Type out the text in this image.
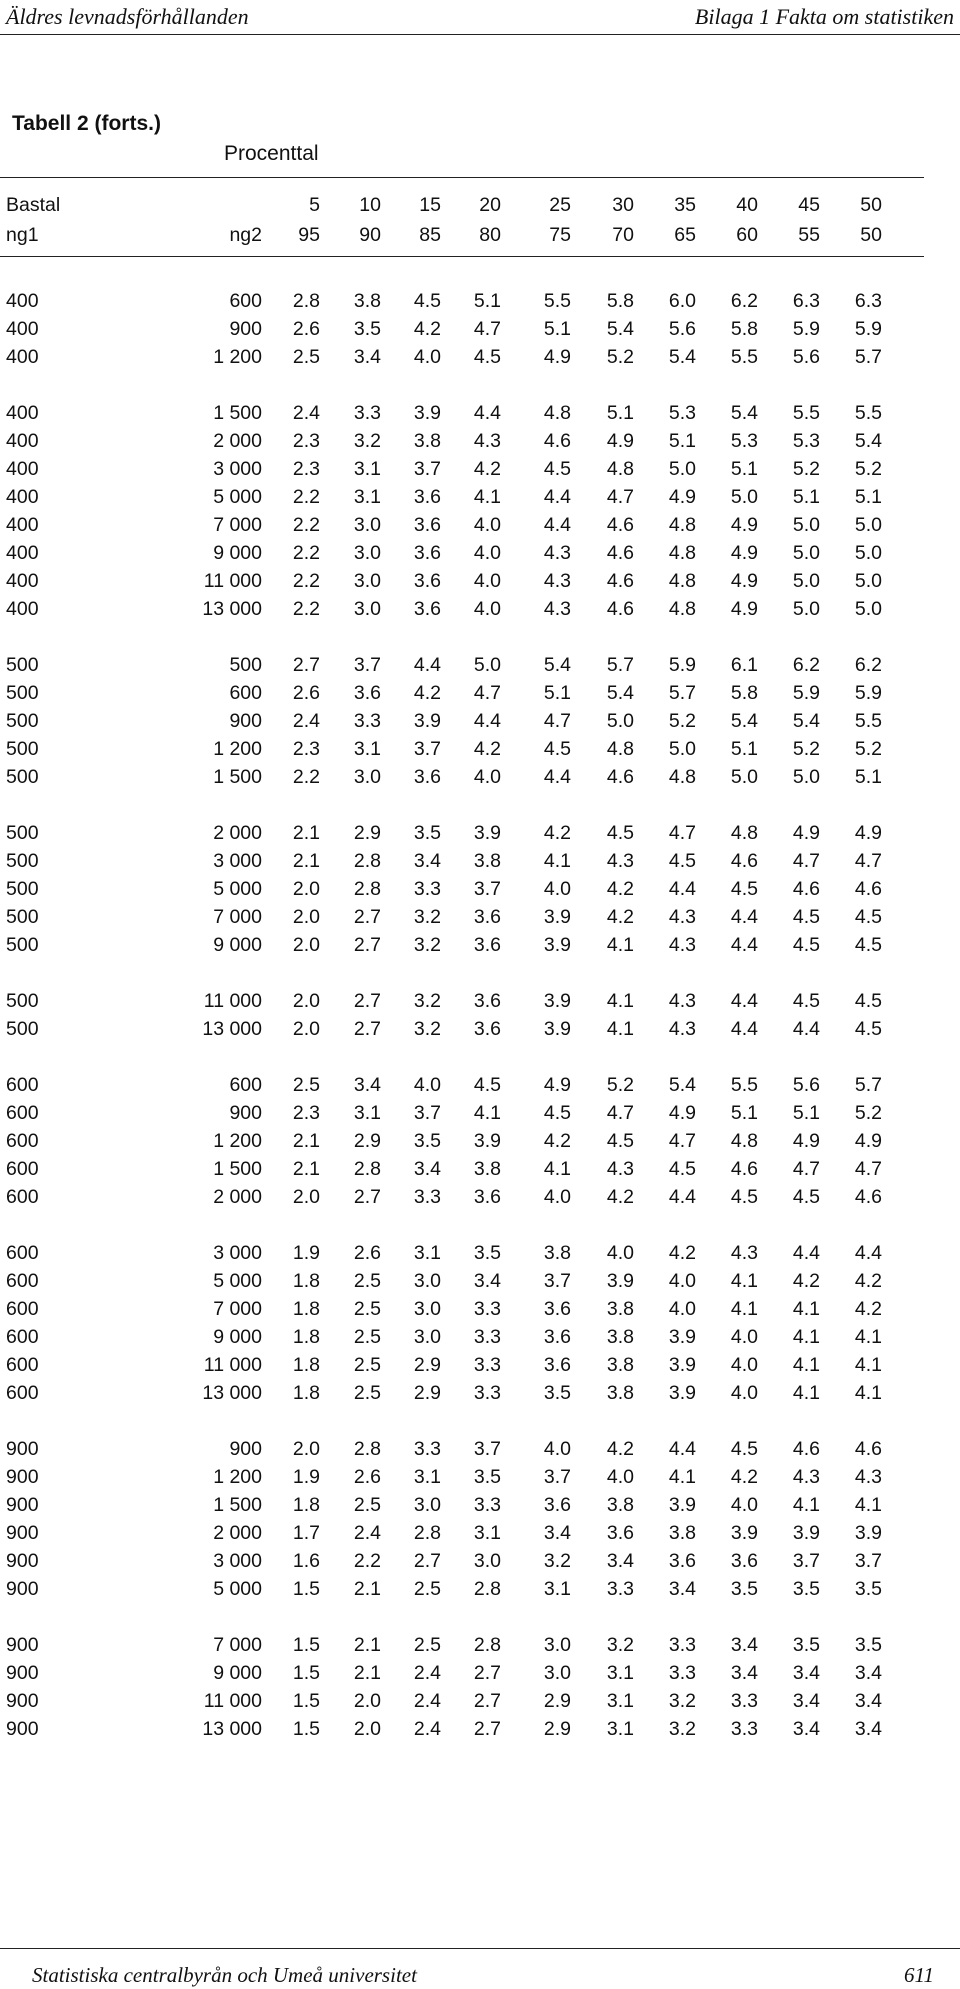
Äldres levnadsförhållanden	Bilaga 1 Fakta om statistiken
Tabell 2 (forts.)
Procenttal
Bastal	5 10 15 20 25 30 35 40 45 50
ng1	ng2 95 90 85 80 75 70 65 60 55 50
400	600 2.8 3.8 4.5 5.1 5.5 5.8 6.0 6.2 6.3 6.3
400	900 2.6 3.5 4.2 4.7 5.1 5.4 5.6 5.8 5.9 5.9
400	1 200 2.5 3.4 4.0 4.5 4.9 5.2 5.4 5.5 5.6 5.7
400	1 500 2.4 3.3 3.9 4.4 4.8 5.1 5.3 5.4 5.5 5.5
400	2 000 2.3 3.2 3.8 4.3 4.6 4.9 5.1 5.3 5.3 5.4
400	3 000 2.3 3.1 3.7 4.2 4.5 4.8 5.0 5.1 5.2 5.2
400	5 000 2.2 3.1 3.6 4.1 4.4 4.7 4.9 5.0 5.1 5.1
400	7 000 2.2 3.0 3.6 4.0 4.4 4.6 4.8 4.9 5.0 5.0
400	9 000 2.2 3.0 3.6 4.0 4.3 4.6 4.8 4.9 5.0 5.0
400	11 000 2.2 3.0 3.6 4.0 4.3 4.6 4.8 4.9 5.0 5.0
400	13 000 2.2 3.0 3.6 4.0 4.3 4.6 4.8 4.9 5.0 5.0
500	500 2.7 3.7 4.4 5.0 5.4 5.7 5.9 6.1 6.2 6.2
500	600 2.6 3.6 4.2 4.7 5.1 5.4 5.7 5.8 5.9 5.9
500	900 2.4 3.3 3.9 4.4 4.7 5.0 5.2 5.4 5.4 5.5
500	1 200 2.3 3.1 3.7 4.2 4.5 4.8 5.0 5.1 5.2 5.2
500	1 500 2.2 3.0 3.6 4.0 4.4 4.6 4.8 5.0 5.0 5.1
500	2 000 2.1 2.9 3.5 3.9 4.2 4.5 4.7 4.8 4.9 4.9
500	3 000 2.1 2.8 3.4 3.8 4.1 4.3 4.5 4.6 4.7 4.7
500	5 000 2.0 2.8 3.3 3.7 4.0 4.2 4.4 4.5 4.6 4.6
500	7 000 2.0 2.7 3.2 3.6 3.9 4.2 4.3 4.4 4.5 4.5
500	9 000 2.0 2.7 3.2 3.6 3.9 4.1 4.3 4.4 4.5 4.5
500	11 000 2.0 2.7 3.2 3.6 3.9 4.1 4.3 4.4 4.5 4.5
500	13 000 2.0 2.7 3.2 3.6 3.9 4.1 4.3 4.4 4.4 4.5
600	600 2.5 3.4 4.0 4.5 4.9 5.2 5.4 5.5 5.6 5.7
600	900 2.3 3.1 3.7 4.1 4.5 4.7 4.9 5.1 5.1 5.2
600	1 200 2.1 2.9 3.5 3.9 4.2 4.5 4.7 4.8 4.9 4.9
600	1 500 2.1 2.8 3.4 3.8 4.1 4.3 4.5 4.6 4.7 4.7
600	2 000 2.0 2.7 3.3 3.6 4.0 4.2 4.4 4.5 4.5 4.6
600	3 000 1.9 2.6 3.1 3.5 3.8 4.0 4.2 4.3 4.4 4.4
600	5 000 1.8 2.5 3.0 3.4 3.7 3.9 4.0 4.1 4.2 4.2
600	7 000 1.8 2.5 3.0 3.3 3.6 3.8 4.0 4.1 4.1 4.2
600	9 000 1.8 2.5 3.0 3.3 3.6 3.8 3.9 4.0 4.1 4.1
600	11 000 1.8 2.5 2.9 3.3 3.6 3.8 3.9 4.0 4.1 4.1
600	13 000 1.8 2.5 2.9 3.3 3.5 3.8 3.9 4.0 4.1 4.1
900	900 2.0 2.8 3.3 3.7 4.0 4.2 4.4 4.5 4.6 4.6
900	1 200 1.9 2.6 3.1 3.5 3.7 4.0 4.1 4.2 4.3 4.3
900	1 500 1.8 2.5 3.0 3.3 3.6 3.8 3.9 4.0 4.1 4.1
900	2 000 1.7 2.4 2.8 3.1 3.4 3.6 3.8 3.9 3.9 3.9
900	3 000 1.6 2.2 2.7 3.0 3.2 3.4 3.6 3.6 3.7 3.7
900	5 000 1.5 2.1 2.5 2.8 3.1 3.3 3.4 3.5 3.5 3.5
900	7 000 1.5 2.1 2.5 2.8 3.0 3.2 3.3 3.4 3.5 3.5
900	9 000 1.5 2.1 2.4 2.7 3.0 3.1 3.3 3.4 3.4 3.4
900	11 000 1.5 2.0 2.4 2.7 2.9 3.1 3.2 3.3 3.4 3.4
900	13 000 1.5 2.0 2.4 2.7 2.9 3.1 3.2 3.3 3.4 3.4
Statistiska centralbyrån och Umeå universitet	611
